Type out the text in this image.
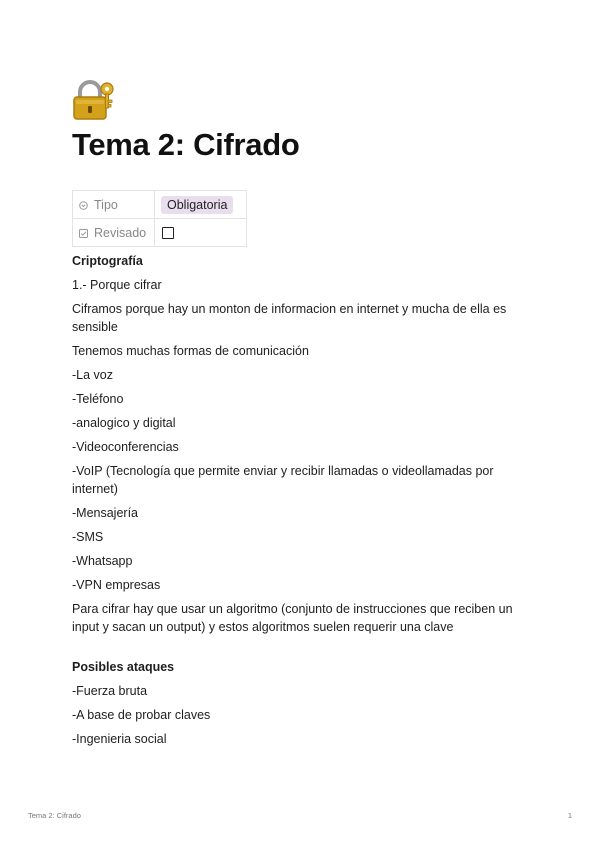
Tema 2: Cifrado
Tipo	Obligatoria
Revisado	

Criptografía

1.- Porque cifrar

Ciframos porque hay un monton de informacion en internet y mucha de ella es sensible

Tenemos muchas formas de comunicación

-La voz

-Teléfono

-analogico y digital

-Videoconferencias

-VoIP (Tecnología que permite enviar y recibir llamadas o videollamadas por internet)

-Mensajería

-SMS

-Whatsapp

-VPN empresas

Para cifrar hay que usar un algoritmo (conjunto de instrucciones que reciben un input y sacan un output) y estos algoritmos suelen requerir una clave

Posibles ataques

-Fuerza bruta

-A base de probar claves

-Ingenieria social

Tema 2: Cifrado	1
